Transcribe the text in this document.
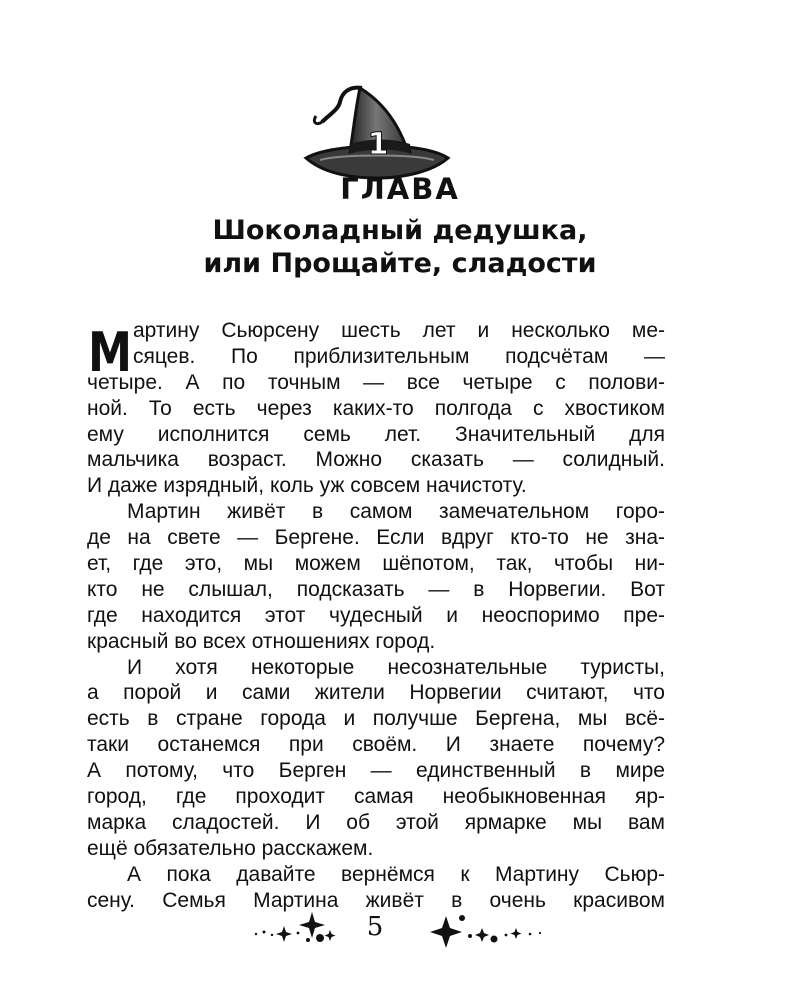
1
ГЛАВА
Шоколадный дедушка,
или Прощайте, сладости
М артину Сьюрсену шесть лет и несколько ме-
сяцев. По приблизительным подсчётам —
четыре. А по точным — все четыре с полови-
ной. То есть через каких-то полгода с хвостиком
ему исполнится семь лет. Значительный для
мальчика возраст. Можно сказать — солидный.
И даже изрядный, коль уж совсем начистоту.
Мартин живёт в самом замечательном горо-
де на свете — Бергене. Если вдруг кто-то не зна-
ет, где это, мы можем шёпотом, так, чтобы ни-
кто не слышал, подсказать — в Норвегии. Вот
где находится этот чудесный и неоспоримо пре-
красный во всех отношениях город.
И хотя некоторые несознательные туристы,
а порой и сами жители Норвегии считают, что
есть в стране города и получше Бергена, мы всё-
таки останемся при своём. И знаете почему?
А потому, что Берген — единственный в мире
город, где проходит самая необыкновенная яр-
марка сладостей. И об этой ярмарке мы вам
ещё обязательно расскажем.
А пока давайте вернёмся к Мартину Сьюр-
сену. Семья Мартина живёт в очень красивом

5
